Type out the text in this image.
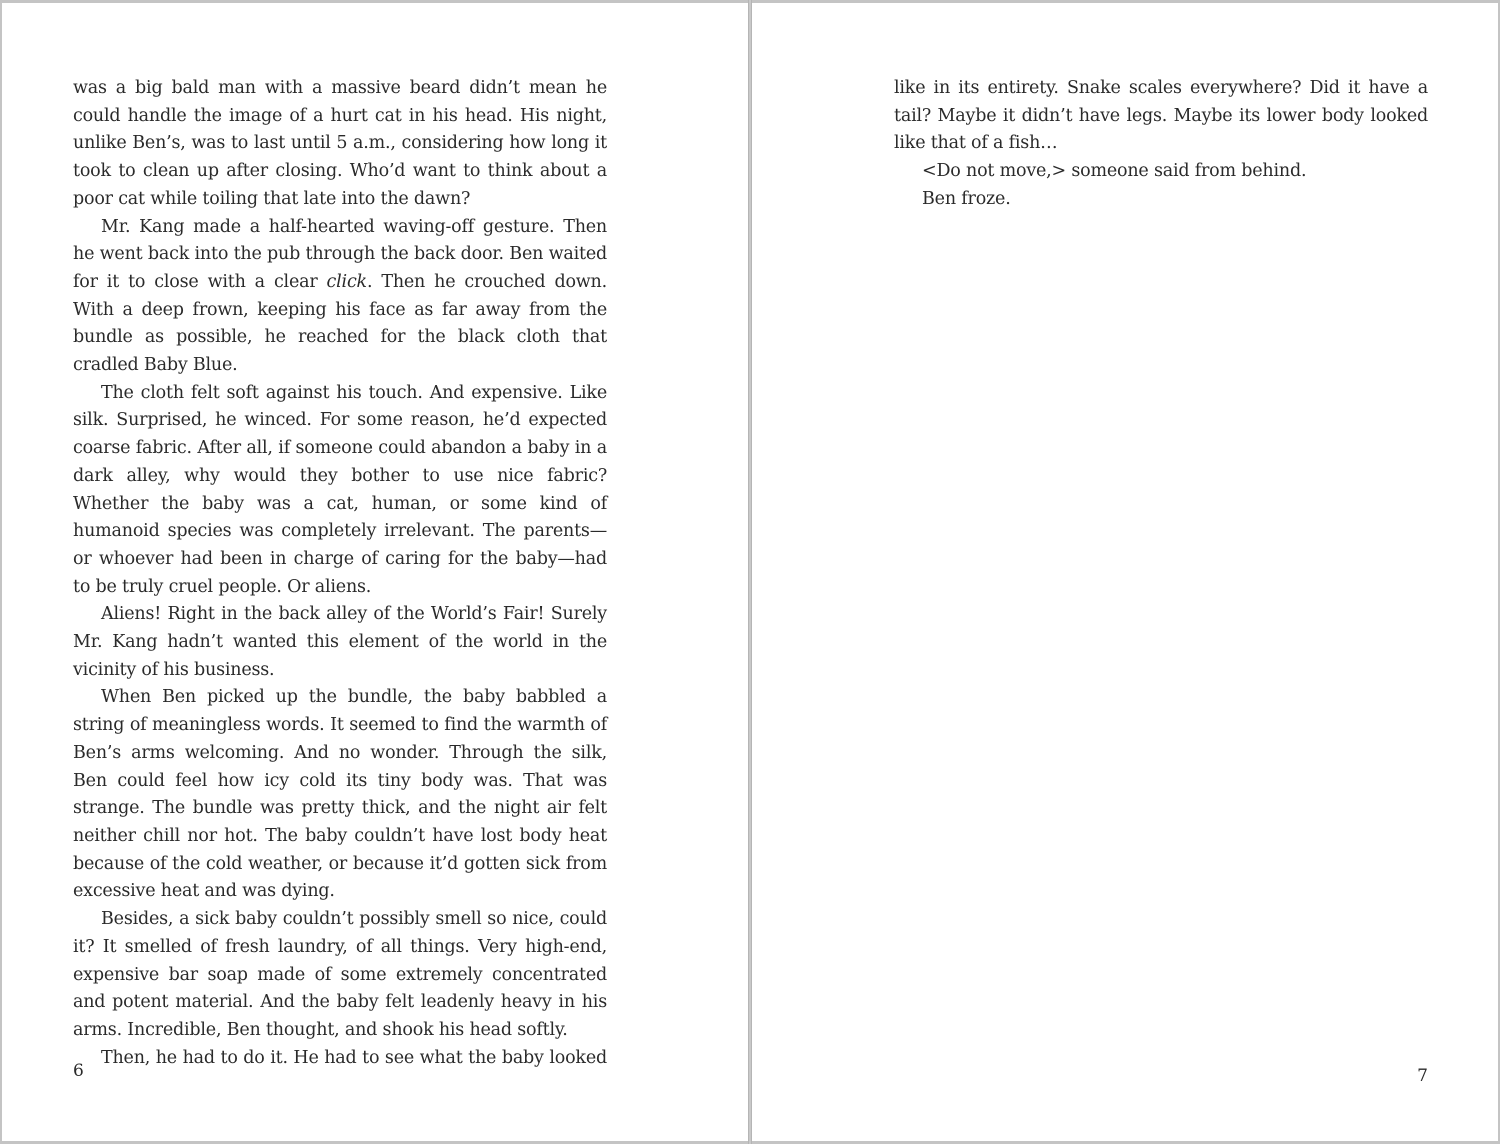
was a big bald man with a massive beard didn’t mean he could handle the image of a hurt cat in his head. His night, unlike Ben’s, was to last until 5 a.m., considering how long it took to clean up after closing. Who’d want to think about a poor cat while toiling that late into the dawn?

Mr. Kang made a half-hearted waving-off gesture. Then he went back into the pub through the back door. Ben waited for it to close with a clear click. Then he crouched down. With a deep frown, keeping his face as far away from the bundle as possible, he reached for the black cloth that cradled Baby Blue.

The cloth felt soft against his touch. And expensive. Like silk. Surprised, he winced. For some reason, he’d expected coarse fabric. After all, if someone could abandon a baby in a dark alley, why would they bother to use nice fabric? Whether the baby was a cat, human, or some kind of humanoid species was completely irrelevant. The parents—or whoever had been in charge of caring for the baby—had to be truly cruel people. Or aliens.

Aliens! Right in the back alley of the World’s Fair! Surely Mr. Kang hadn’t wanted this element of the world in the vicinity of his business.

When Ben picked up the bundle, the baby babbled a string of meaningless words. It seemed to find the warmth of Ben’s arms welcoming. And no wonder. Through the silk, Ben could feel how icy cold its tiny body was. That was strange. The bundle was pretty thick, and the night air felt neither chill nor hot. The baby couldn’t have lost body heat because of the cold weather, or because it’d gotten sick from excessive heat and was dying.

Besides, a sick baby couldn’t possibly smell so nice, could it? It smelled of fresh laundry, of all things. Very high-end, expensive bar soap made of some extremely concentrated and potent material. And the baby felt leadenly heavy in his arms. Incredible, Ben thought, and shook his head softly.

Then, he had to do it. He had to see what the baby looked

6

like in its entirety. Snake scales everywhere? Did it have a tail? Maybe it didn’t have legs. Maybe its lower body looked like that of a fish…

<Do not move,> someone said from behind.

Ben froze.

7
